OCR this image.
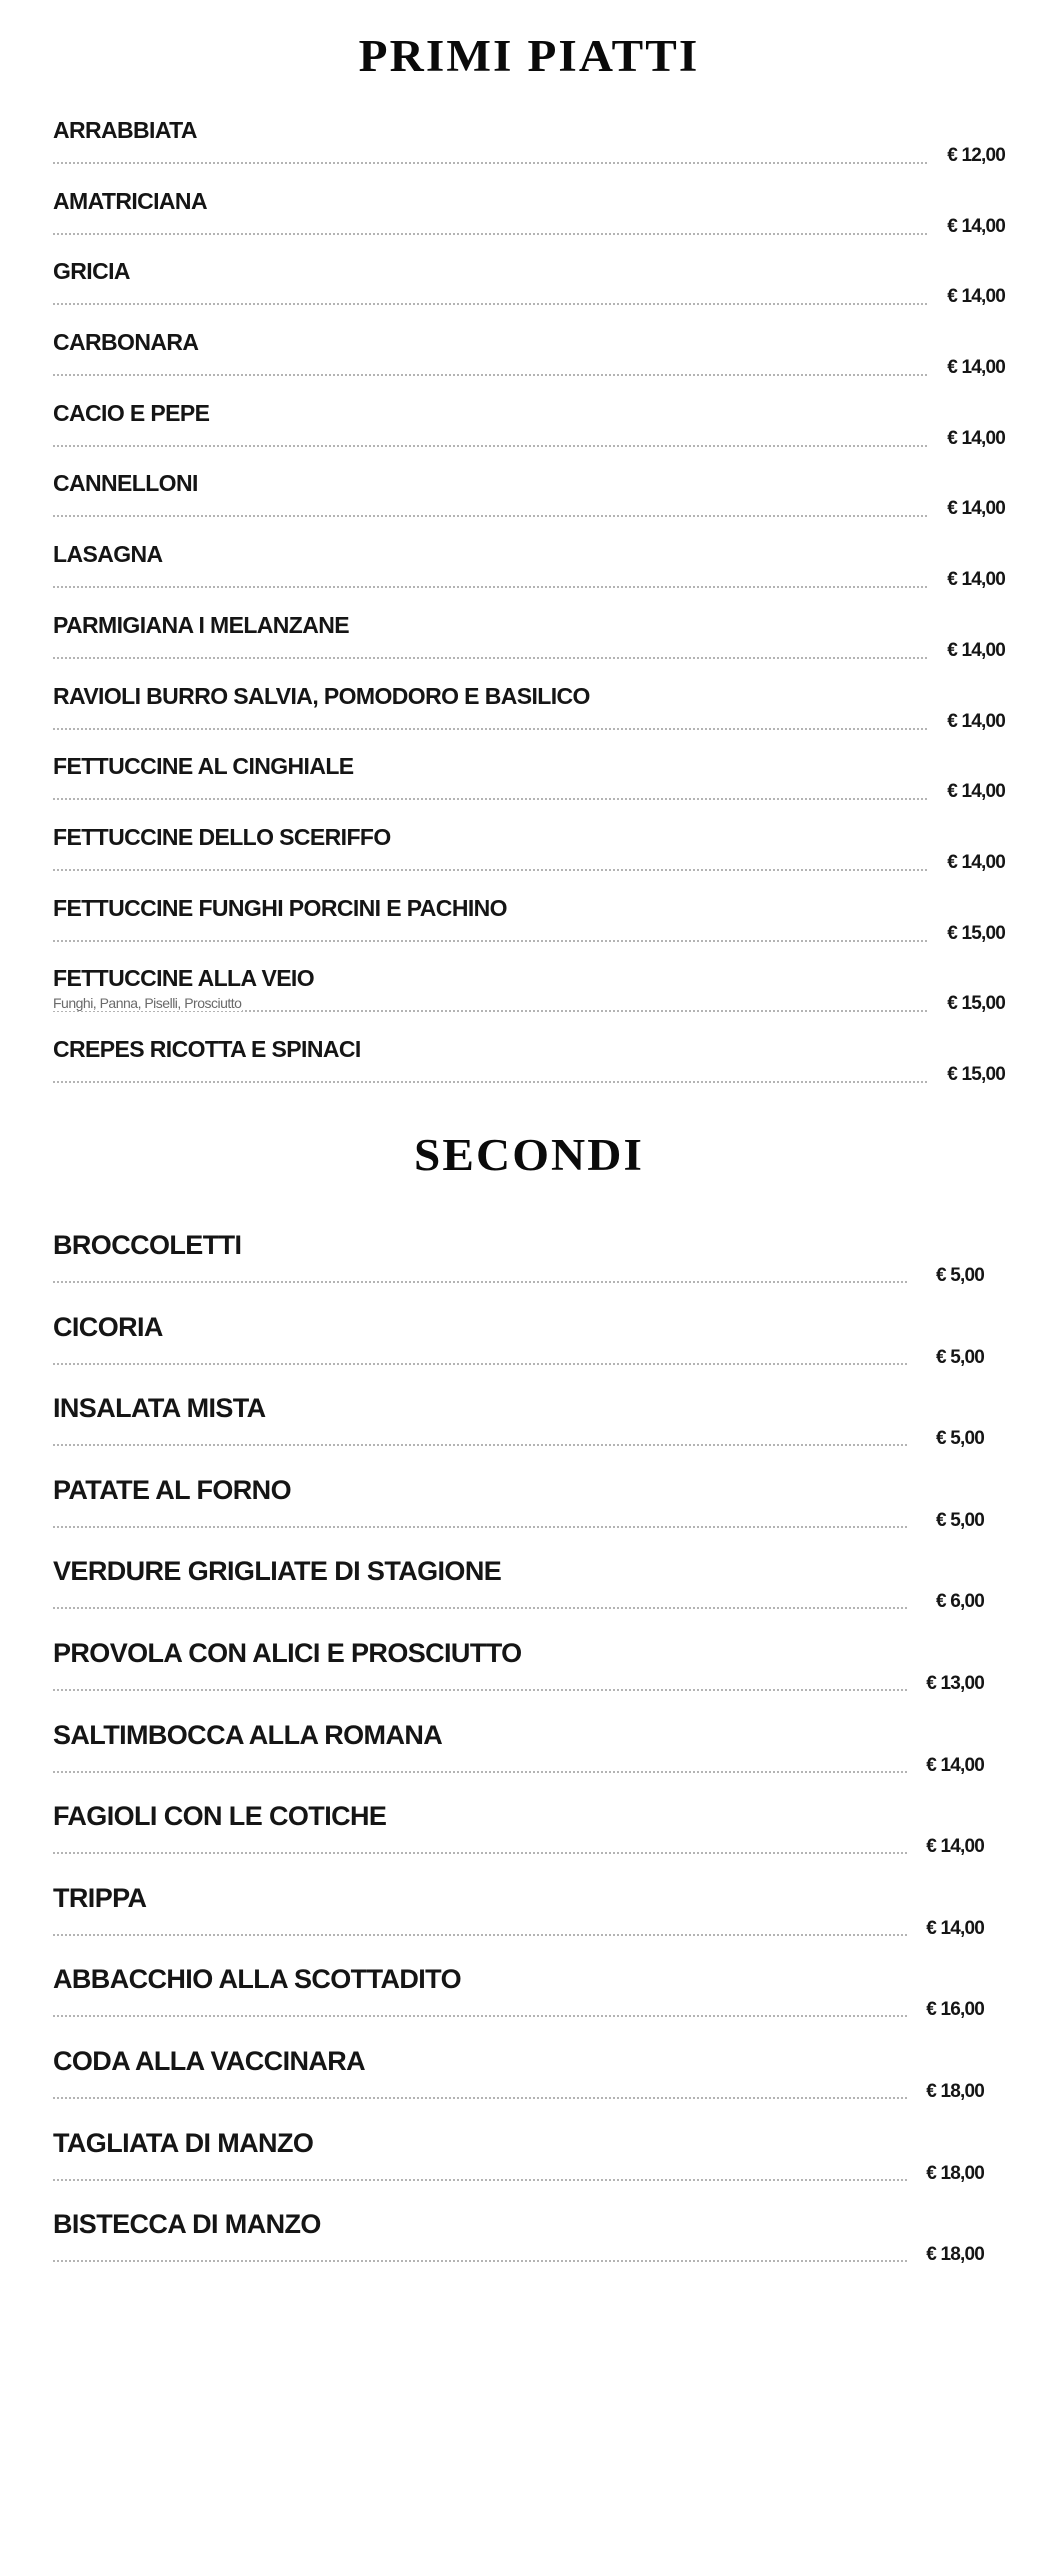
PRIMI PIATTI
ARRABBIATA
€ 12,00
AMATRICIANA
€ 14,00
GRICIA
€ 14,00
CARBONARA
€ 14,00
CACIO E PEPE
€ 14,00
CANNELLONI
€ 14,00
LASAGNA
€ 14,00
PARMIGIANA I MELANZANE
€ 14,00
RAVIOLI BURRO SALVIA, POMODORO E BASILICO
€ 14,00
FETTUCCINE AL CINGHIALE
€ 14,00
FETTUCCINE DELLO SCERIFFO
€ 14,00
FETTUCCINE FUNGHI PORCINI E PACHINO
€ 15,00
FETTUCCINE ALLA VEIO
Funghi, Panna, Piselli, Prosciutto	€ 15,00
CREPES RICOTTA E SPINACI
€ 15,00
SECONDI
BROCCOLETTI
€ 5,00
CICORIA
€ 5,00
INSALATA MISTA
€ 5,00
PATATE AL FORNO
€ 5,00
VERDURE GRIGLIATE DI STAGIONE
€ 6,00
PROVOLA CON ALICI E PROSCIUTTO
€ 13,00
SALTIMBOCCA ALLA ROMANA
€ 14,00
FAGIOLI CON LE COTICHE
€ 14,00
TRIPPA
€ 14,00
ABBACCHIO ALLA SCOTTADITO
€ 16,00
CODA ALLA VACCINARA
€ 18,00
TAGLIATA DI MANZO
€ 18,00
BISTECCA DI MANZO
€ 18,00
